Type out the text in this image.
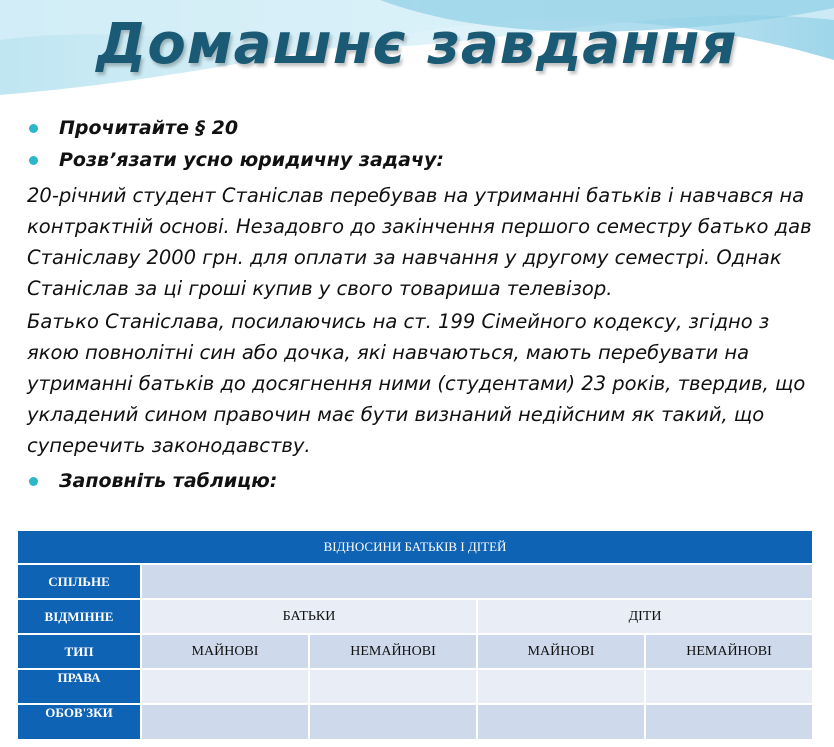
Домашнє завдання
Прочитайте § 20
Розв’язати усно юридичну задачу:

20-річний студент Станіслав перебував на утриманні батьків і навчався на контрактній основі. Незадовго до закінчення першого семестру батько дав Станіславу 2000 грн. для оплати за навчання у другому семестрі. Однак Станіслав за ці гроші купив у свого товариша телевізор.

Батько Станіслава, посилаючись на ст. 199 Сімейного кодексу, згідно з якою повнолітні син або дочка, які навчаються, мають перебувати на утриманні батьків до досягнення ними (студентами) 23 років, твердив, що укладений сином правочин має бути визнаний недійсним як такий, що суперечить законодавству.

Заповніть таблицю:
ВІДНОСИНИ БАТЬКІВ І ДІТЕЙ				
СПІЛЬНЕ				
ВІДМІННЕ	БАТЬКИ		ДІТИ	
ТИП	МАЙНОВІ	НЕМАЙНОВІ	МАЙНОВІ	НЕМАЙНОВІ
ПРАВА				
ОБОВ'ЗКИ				
